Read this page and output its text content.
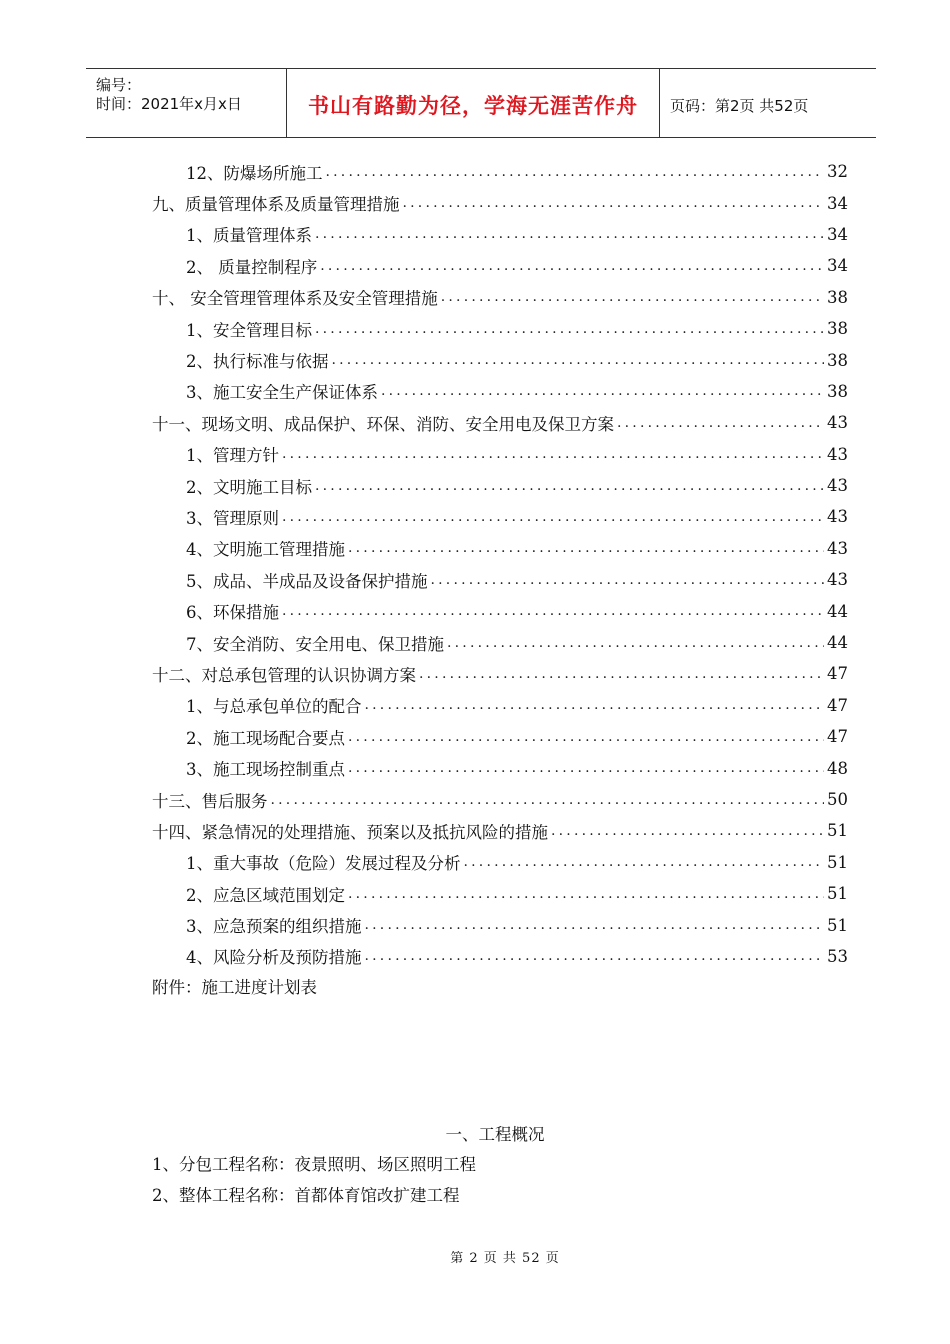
编号：
时间：2021年x月x日	书山有路勤为径，学海无涯苦作舟	页码：第2页 共52页
12、防爆场所施工 .....	32
九、质量管理体系及质量管理措施 .....	34
1、质量管理体系 .....	34
2、 质量控制程序 .....	34
十、 安全管理管理体系及安全管理措施 .....	38
1、安全管理目标 .....	38
2、执行标准与依据 .....	38
3、施工安全生产保证体系 .....	38
十一、现场文明、成品保护、环保、消防、安全用电及保卫方案 .....	43
1、管理方针 .....	43
2、文明施工目标 .....	43
3、管理原则 .....	43
4、文明施工管理措施 .....	43
5、成品、半成品及设备保护措施 .....	43
6、环保措施 .....	44
7、安全消防、安全用电、保卫措施 .....	44
十二、对总承包管理的认识协调方案 .....	47
1、与总承包单位的配合 .....	47
2、施工现场配合要点 .....	47
3、施工现场控制重点 .....	48
十三、售后服务 .....	50
十四、紧急情况的处理措施、预案以及抵抗风险的措施 .....	51
1、重大事故（危险）发展过程及分析 .....	51
2、应急区域范围划定 .....	51
3、应急预案的组织措施 .....	51
4、风险分析及预防措施 .....	53
附件：施工进度计划表
一、工程概况
1、分包工程名称：夜景照明、场区照明工程
2、整体工程名称：首都体育馆改扩建工程
第 2 页 共 52 页
